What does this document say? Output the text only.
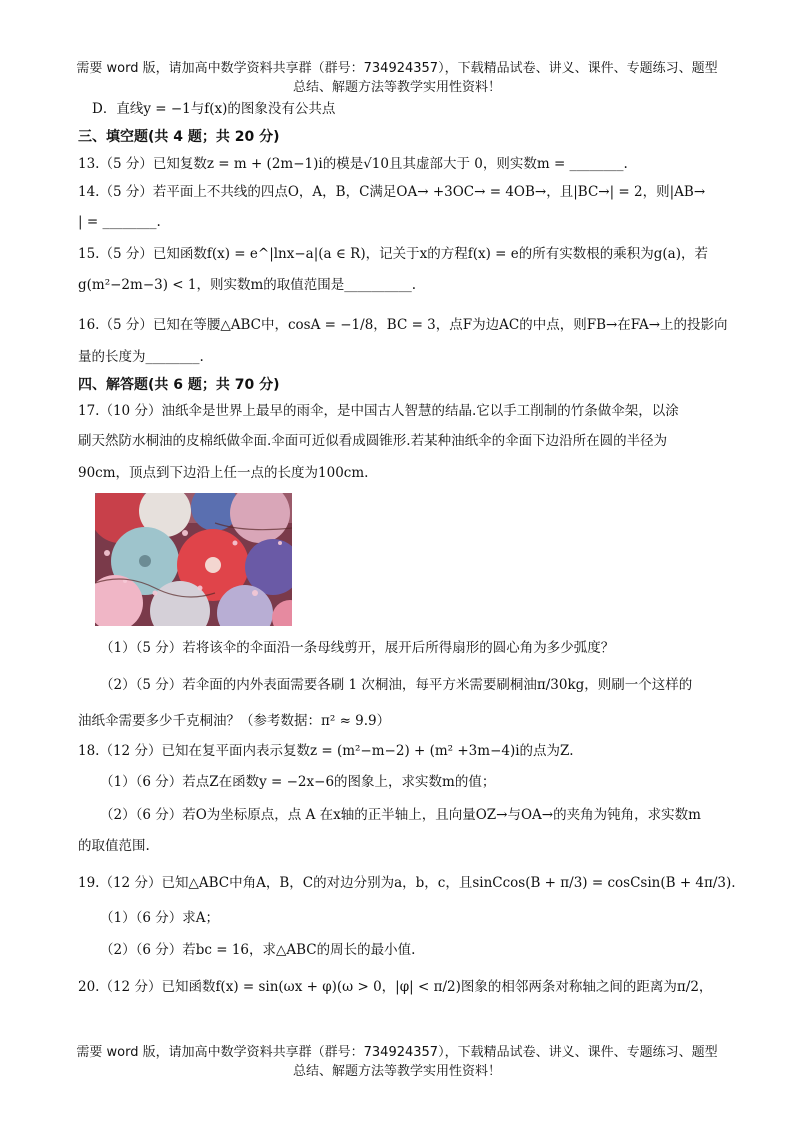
需要 word 版，请加高中数学资料共享群（群号：734924357），下载精品试卷、讲义、课件、专题练习、题型
总结、解题方法等教学实用性资料！
D．直线y = −1与f(x)的图象没有公共点
三、填空题(共 4 题；共 20 分)
13.（5 分）已知复数z = m + (2m−1)i的模是√10且其虚部大于 0，则实数m = ________.
14.（5 分）若平面上不共线的四点O，A，B，C满足OA→ +3OC→ = 4OB→，且|BC→| = 2，则|AB→
| = ________.
15.（5 分）已知函数f(x) = e^|lnx−a|(a ∈ R)，记关于x的方程f(x) = e的所有实数根的乘积为g(a)，若
g(m²−2m−3) < 1，则实数m的取值范围是__________.
16.（5 分）已知在等腰△ABC中，cosA = −1/8，BC = 3，点F为边AC的中点，则FB→在FA→上的投影向
量的长度为________.
四、解答题(共 6 题；共 70 分)
17.（10 分）油纸伞是世界上最早的雨伞，是中国古人智慧的结晶.它以手工削制的竹条做伞架，以涂
刷天然防水桐油的皮棉纸做伞面.伞面可近似看成圆锥形.若某种油纸伞的伞面下边沿所在圆的半径为
90cm，顶点到下边沿上任一点的长度为100cm.
（1）（5 分）若将该伞的伞面沿一条母线剪开，展开后所得扇形的圆心角为多少弧度？
（2）（5 分）若伞面的内外表面需要各刷 1 次桐油，每平方米需要刷桐油π/30kg，则刷一个这样的
油纸伞需要多少千克桐油？（参考数据：π² ≈ 9.9）
18.（12 分）已知在复平面内表示复数z = (m²−m−2) + (m² +3m−4)i的点为Z.
（1）（6 分）若点Z在函数y = −2x−6的图象上，求实数m的值；
（2）（6 分）若O为坐标原点，点 A 在x轴的正半轴上，且向量OZ→与OA→的夹角为钝角，求实数m
的取值范围.
19.（12 分）已知△ABC中角A，B，C的对边分别为a，b，c，且sinCcos(B + π/3) = cosCsin(B + 4π/3).
（1）（6 分）求A；
（2）（6 分）若bc = 16，求△ABC的周长的最小值.
20.（12 分）已知函数f(x) = sin(ωx + φ)(ω > 0，|φ| < π/2)图象的相邻两条对称轴之间的距离为π/2，
需要 word 版，请加高中数学资料共享群（群号：734924357），下载精品试卷、讲义、课件、专题练习、题型
总结、解题方法等教学实用性资料！
